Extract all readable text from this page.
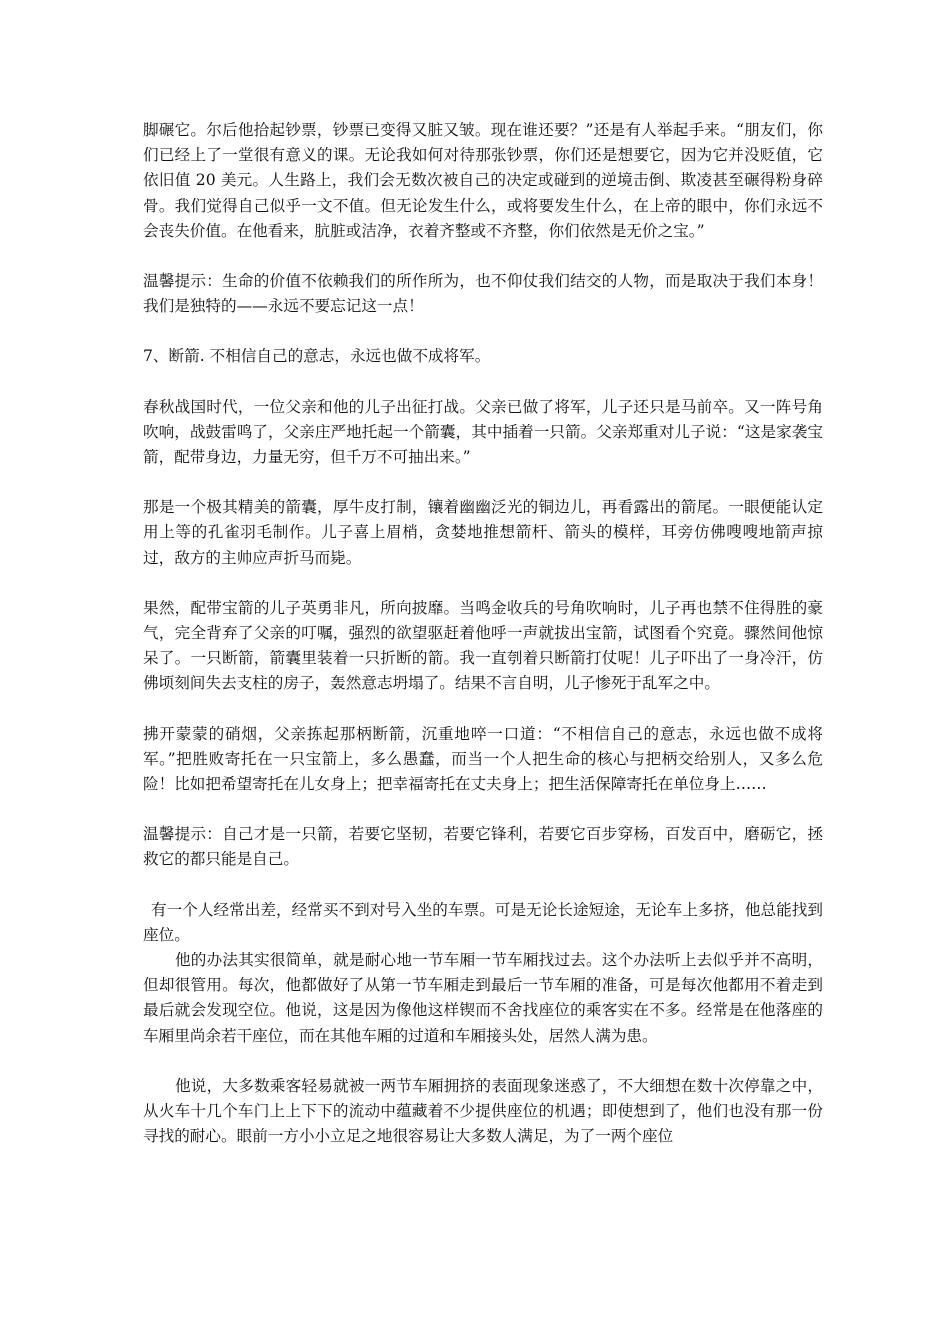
脚碾它。尔后他拾起钞票，钞票已变得又脏又皱。现在谁还要？”还是有人举起手来。“朋友们，你们已经上了一堂很有意义的课。无论我如何对待那张钞票，你们还是想要它，因为它并没贬值，它依旧值 20 美元。人生路上，我们会无数次被自己的决定或碰到的逆境击倒、欺凌甚至碾得粉身碎骨。我们觉得自己似乎一文不值。但无论发生什么，或将要发生什么，在上帝的眼中，你们永远不会丧失价值。在他看来，肮脏或洁净，衣着齐整或不齐整，你们依然是无价之宝。”

温馨提示：生命的价值不依赖我们的所作所为，也不仰仗我们结交的人物，而是取决于我们本身！我们是独特的——永远不要忘记这一点！

7、断箭. 不相信自己的意志，永远也做不成将军。

春秋战国时代，一位父亲和他的儿子出征打战。父亲已做了将军，儿子还只是马前卒。又一阵号角吹响，战鼓雷鸣了，父亲庄严地托起一个箭囊，其中插着一只箭。父亲郑重对儿子说：“这是家袭宝箭，配带身边，力量无穷，但千万不可抽出来。”

那是一个极其精美的箭囊，厚牛皮打制，镶着幽幽泛光的铜边儿，再看露出的箭尾。一眼便能认定用上等的孔雀羽毛制作。儿子喜上眉梢，贪婪地推想箭杆、箭头的模样，耳旁仿佛嗖嗖地箭声掠过，敌方的主帅应声折马而毙。

果然，配带宝箭的儿子英勇非凡，所向披靡。当鸣金收兵的号角吹响时，儿子再也禁不住得胜的豪气，完全背弃了父亲的叮嘱，强烈的欲望驱赶着他呼一声就拔出宝箭，试图看个究竟。骤然间他惊呆了。一只断箭，箭囊里装着一只折断的箭。我一直刳着只断箭打仗呢！儿子吓出了一身冷汗，仿佛顷刻间失去支柱的房子，轰然意志坍塌了。结果不言自明，儿子惨死于乱军之中。

拂开蒙蒙的硝烟，父亲拣起那柄断箭，沉重地啐一口道：“不相信自己的意志，永远也做不成将军。”把胜败寄托在一只宝箭上，多么愚蠢，而当一个人把生命的核心与把柄交给别人，又多么危险！比如把希望寄托在儿女身上；把幸福寄托在丈夫身上；把生活保障寄托在单位身上……

温馨提示：自己才是一只箭，若要它坚韧，若要它锋利，若要它百步穿杨，百发百中，磨砺它，拯救它的都只能是自己。

有一个人经常出差，经常买不到对号入坐的车票。可是无论长途短途，无论车上多挤，他总能找到座位。

他的办法其实很简单，就是耐心地一节车厢一节车厢找过去。这个办法听上去似乎并不高明，但却很管用。每次，他都做好了从第一节车厢走到最后一节车厢的准备，可是每次他都用不着走到最后就会发现空位。他说，这是因为像他这样锲而不舍找座位的乘客实在不多。经常是在他落座的车厢里尚余若干座位，而在其他车厢的过道和车厢接头处，居然人满为患。

他说，大多数乘客轻易就被一两节车厢拥挤的表面现象迷惑了，不大细想在数十次停靠之中，从火车十几个车门上上下下的流动中蕴藏着不少提供座位的机遇；即使想到了，他们也没有那一份寻找的耐心。眼前一方小小立足之地很容易让大多数人满足，为了一两个座位
